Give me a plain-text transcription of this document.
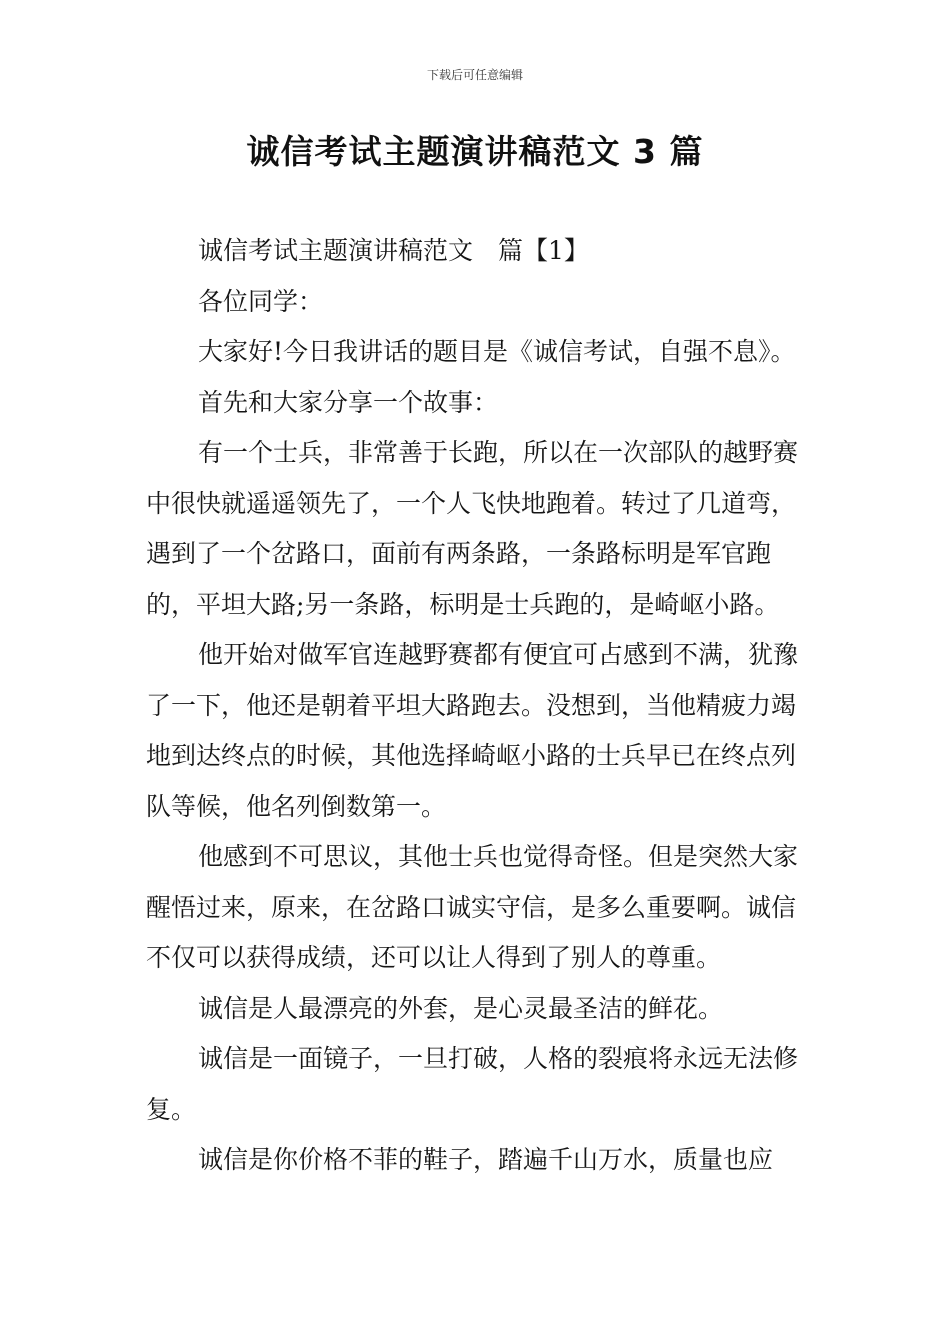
下载后可任意编辑
诚信考试主题演讲稿范文 3 篇

诚信考试主题演讲稿范文　篇【1】

各位同学：

大家好!今日我讲话的题目是《诚信考试，自强不息》。

首先和大家分享一个故事：

有一个士兵，非常善于长跑，所以在一次部队的越野赛中很快就遥遥领先了，一个人飞快地跑着。转过了几道弯，遇到了一个岔路口，面前有两条路，一条路标明是军官跑的，平坦大路;另一条路，标明是士兵跑的，是崎岖小路。

他开始对做军官连越野赛都有便宜可占感到不满，犹豫了一下，他还是朝着平坦大路跑去。没想到，当他精疲力竭地到达终点的时候，其他选择崎岖小路的士兵早已在终点列队等候，他名列倒数第一。

他感到不可思议，其他士兵也觉得奇怪。但是突然大家醒悟过来，原来，在岔路口诚实守信，是多么重要啊。诚信不仅可以获得成绩，还可以让人得到了别人的尊重。

诚信是人最漂亮的外套，是心灵最圣洁的鲜花。

诚信是一面镜子，一旦打破，人格的裂痕将永远无法修复。

诚信是你价格不菲的鞋子，踏遍千山万水，质量也应
